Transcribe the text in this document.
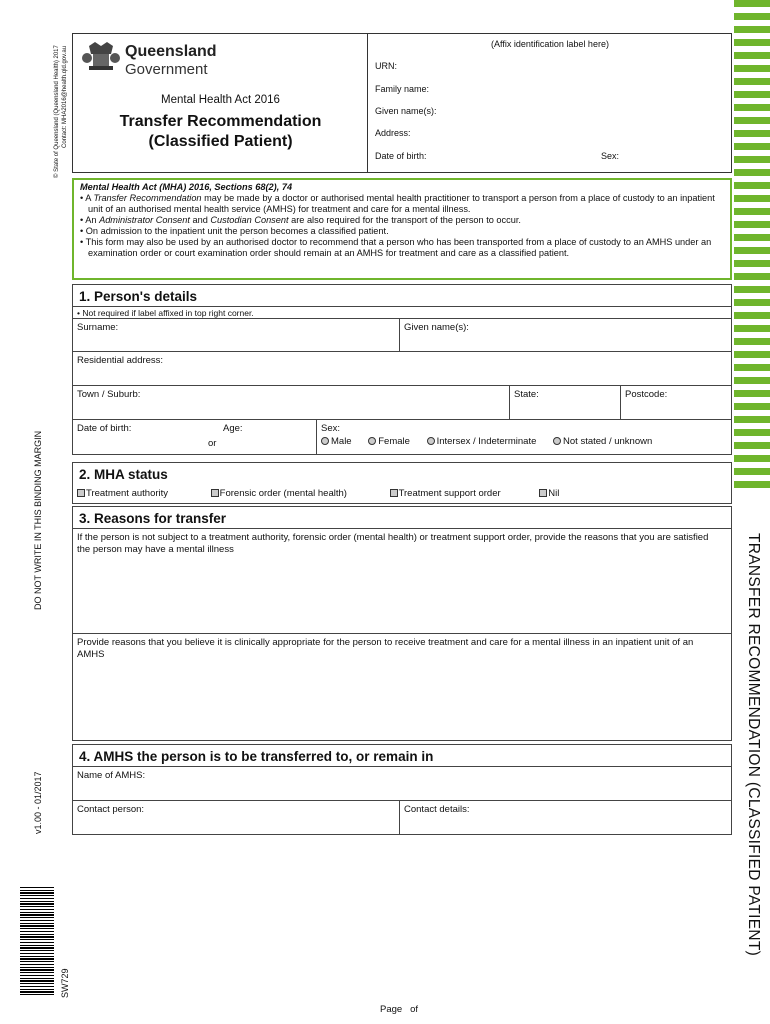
© State of Queensland (Queensland Health) 2017 Contact: MHA2016@health.qld.gov.au
DO NOT WRITE IN THIS BINDING MARGIN
v1.00 - 01/2017
SW729
TRANSFER RECOMMENDATION (CLASSIFIED PATIENT)
Queensland
Government
Mental Health Act 2016
Transfer Recommendation
(Classified Patient)
(Affix identification label here)
URN:
Family name:
Given name(s):
Address:
Date of birth:	Sex:
Mental Health Act (MHA) 2016, Sections 68(2), 74
• A Transfer Recommendation may be made by a doctor or authorised mental health practitioner to transport a person from a place of custody to an inpatient unit of an authorised mental health service (AMHS) for treatment and care for a mental illness.
• An Administrator Consent and Custodian Consent are also required for the transport of the person to occur.
• On admission to the inpatient unit the person becomes a classified patient.
• This form may also be used by an authorised doctor to recommend that a person who has been transported from a place of custody to an AMHS under an examination order or court examination order should remain at an AMHS for treatment and care as a classified patient.
1. Person's details
• Not required if label affixed in top right corner.
Surname:	Given name(s):
Residential address:
Town / Suburb:	State:	Postcode:
Date of birth:	Age:
or
Sex:
Male	Female	Intersex / Indeterminate	Not stated / unknown
2. MHA status
Treatment authority	Forensic order (mental health)	Treatment support order	Nil
3. Reasons for transfer
If the person is not subject to a treatment authority, forensic order (mental health) or treatment support order, provide the reasons that you are satisfied the person may have a mental illness
Provide reasons that you believe it is clinically appropriate for the person to receive treatment and care for a mental illness in an inpatient unit of an AMHS
4. AMHS the person is to be transferred to, or remain in
Name of AMHS:
Contact person:	Contact details:
Page   of
